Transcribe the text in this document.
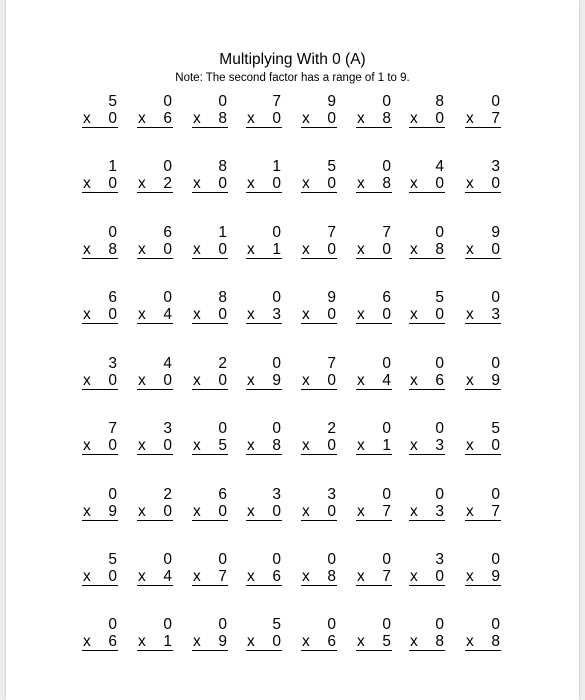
Multiplying With 0 (A)
Note: The second factor has a range of 1 to 9.
5
x 0
0
x 6
0
x 8
7
x 0
9
x 0
0
x 8
8
x 0
0
x 7
1
x 0
0
x 2
8
x 0
1
x 0
5
x 0
0
x 8
4
x 0
3
x 0
0
x 8
6
x 0
1
x 0
0
x 1
7
x 0
7
x 0
0
x 8
9
x 0
6
x 0
0
x 4
8
x 0
0
x 3
9
x 0
6
x 0
5
x 0
0
x 3
3
x 0
4
x 0
2
x 0
0
x 9
7
x 0
0
x 4
0
x 6
0
x 9
7
x 0
3
x 0
0
x 5
0
x 8
2
x 0
0
x 1
0
x 3
5
x 0
0
x 9
2
x 0
6
x 0
3
x 0
3
x 0
0
x 7
0
x 3
0
x 7
5
x 0
0
x 4
0
x 7
0
x 6
0
x 8
0
x 7
3
x 0
0
x 9
0
x 6
0
x 1
0
x 9
5
x 0
0
x 6
0
x 5
0
x 8
0
x 8
